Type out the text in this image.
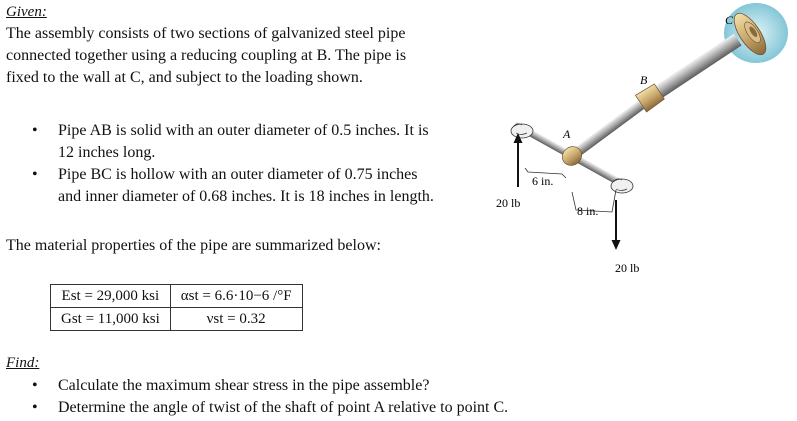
Given:
The assembly consists of two sections of galvanized steel pipe
connected together using a reducing coupling at B. The pipe is
fixed to the wall at C, and subject to the loading shown.
• Pipe AB is solid with an outer diameter of 0.5 inches. It is
12 inches long.
• Pipe BC is hollow with an outer diameter of 0.75 inches
and inner diameter of 0.68 inches. It is 18 inches in length.
The material properties of the pipe are summarized below:
Est = 29,000 ksi	αst = 6.6·10−6 /°F
Gst = 11,000 ksi	νst = 0.32
Find:
• Calculate the maximum shear stress in the pipe assemble?
• Determine the angle of twist of the shaft of point A relative to point C.
C
B
A
6 in.
8 in.
20 lb
20 lb
